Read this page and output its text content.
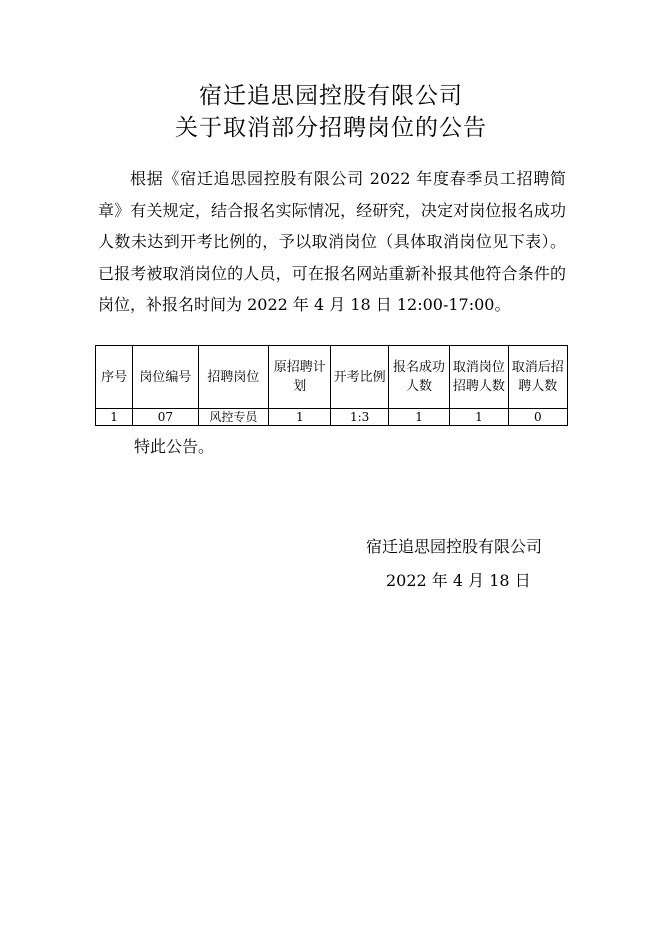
宿迁追思园控股有限公司
关于取消部分招聘岗位的公告
根据《宿迁追思园控股有限公司 2022 年度春季员工招聘简章》有关规定，结合报名实际情况，经研究，决定对岗位报名成功人数未达到开考比例的，予以取消岗位（具体取消岗位见下表）。已报考被取消岗位的人员，可在报名网站重新补报其他符合条件的岗位，补报名时间为 2022 年 4 月 18 日 12:00-17:00。
序号	岗位编号	招聘岗位	原招聘计划	开考比例	报名成功人数	取消岗位招聘人数	取消后招聘人数
1	07	风控专员	1	1:3	1	1	0
特此公告。
宿迁追思园控股有限公司
2022 年 4 月 18 日
